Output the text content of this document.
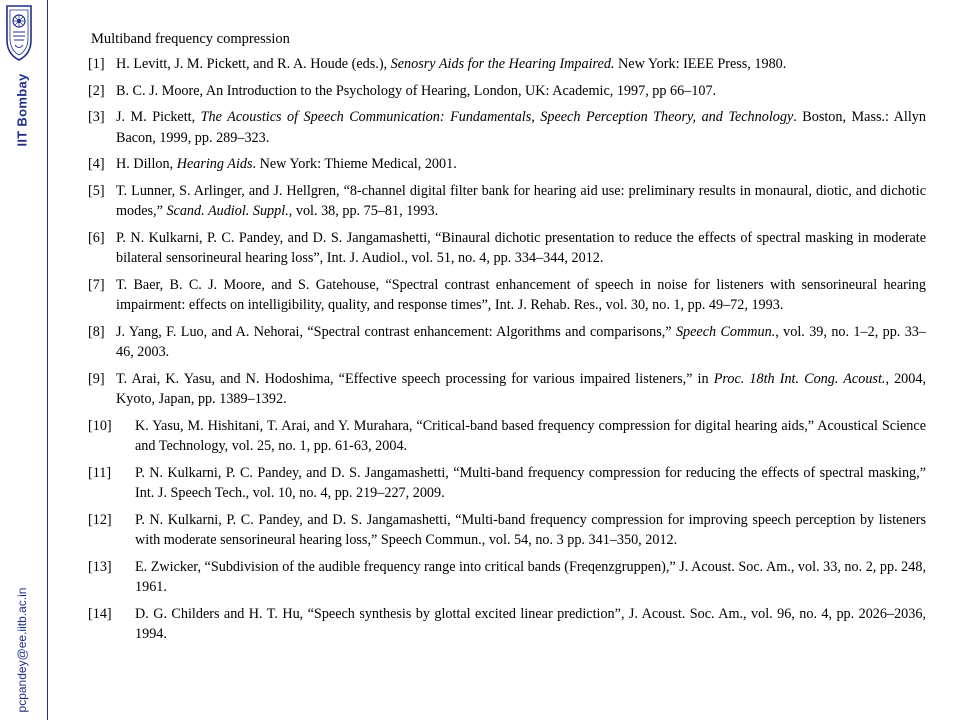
IIT Bombay
pcpandey@ee.iitb.ac.in
Multiband frequency compression
[1] H. Levitt, J. M. Pickett, and R. A. Houde (eds.), Senosry Aids for the Hearing Impaired. New York: IEEE Press, 1980.
[2] B. C. J. Moore, An Introduction to the Psychology of Hearing, London, UK: Academic, 1997, pp 66–107.
[3] J. M. Pickett, The Acoustics of Speech Communication: Fundamentals, Speech Perception Theory, and Technology. Boston, Mass.: Allyn Bacon, 1999, pp. 289–323.
[4] H. Dillon, Hearing Aids. New York: Thieme Medical, 2001.
[5] T. Lunner, S. Arlinger, and J. Hellgren, “8-channel digital filter bank for hearing aid use: preliminary results in monaural, diotic, and dichotic modes,” Scand. Audiol. Suppl., vol. 38, pp. 75–81, 1993.
[6] P. N. Kulkarni, P. C. Pandey, and D. S. Jangamashetti, “Binaural dichotic presentation to reduce the effects of spectral masking in moderate bilateral sensorineural hearing loss”, Int. J. Audiol., vol. 51, no. 4, pp. 334–344, 2012.
[7] T. Baer, B. C. J. Moore, and S. Gatehouse, “Spectral contrast enhancement of speech in noise for listeners with sensorineural hearing impairment: effects on intelligibility, quality, and response times”, Int. J. Rehab. Res., vol. 30, no. 1, pp. 49–72, 1993.
[8] J. Yang, F. Luo, and A. Nehorai, “Spectral contrast enhancement: Algorithms and comparisons,” Speech Commun., vol. 39, no. 1–2, pp. 33–46, 2003.
[9] T. Arai, K. Yasu, and N. Hodoshima, “Effective speech processing for various impaired listeners,” in Proc. 18th Int. Cong. Acoust., 2004, Kyoto, Japan, pp. 1389–1392.
[10]	K. Yasu, M. Hishitani, T. Arai, and Y. Murahara, “Critical-band based frequency compression for digital hearing aids,” Acoustical Science and Technology, vol. 25, no. 1, pp. 61-63, 2004.
[11]	P. N. Kulkarni, P. C. Pandey, and D. S. Jangamashetti, “Multi-band frequency compression for reducing the effects of spectral masking,” Int. J. Speech Tech., vol. 10, no. 4, pp. 219–227, 2009.
[12]	P. N. Kulkarni, P. C. Pandey, and D. S. Jangamashetti, “Multi-band frequency compression for improving speech perception by listeners with moderate sensorineural hearing loss,” Speech Commun., vol. 54, no. 3 pp. 341–350, 2012.
[13]	E. Zwicker, “Subdivision of the audible frequency range into critical bands (Freqenzgruppen),” J. Acoust. Soc. Am., vol. 33, no. 2, pp. 248, 1961.
[14]	D. G. Childers and H. T. Hu, “Speech synthesis by glottal excited linear prediction”, J. Acoust. Soc. Am., vol. 96, no. 4, pp. 2026–2036, 1994.
